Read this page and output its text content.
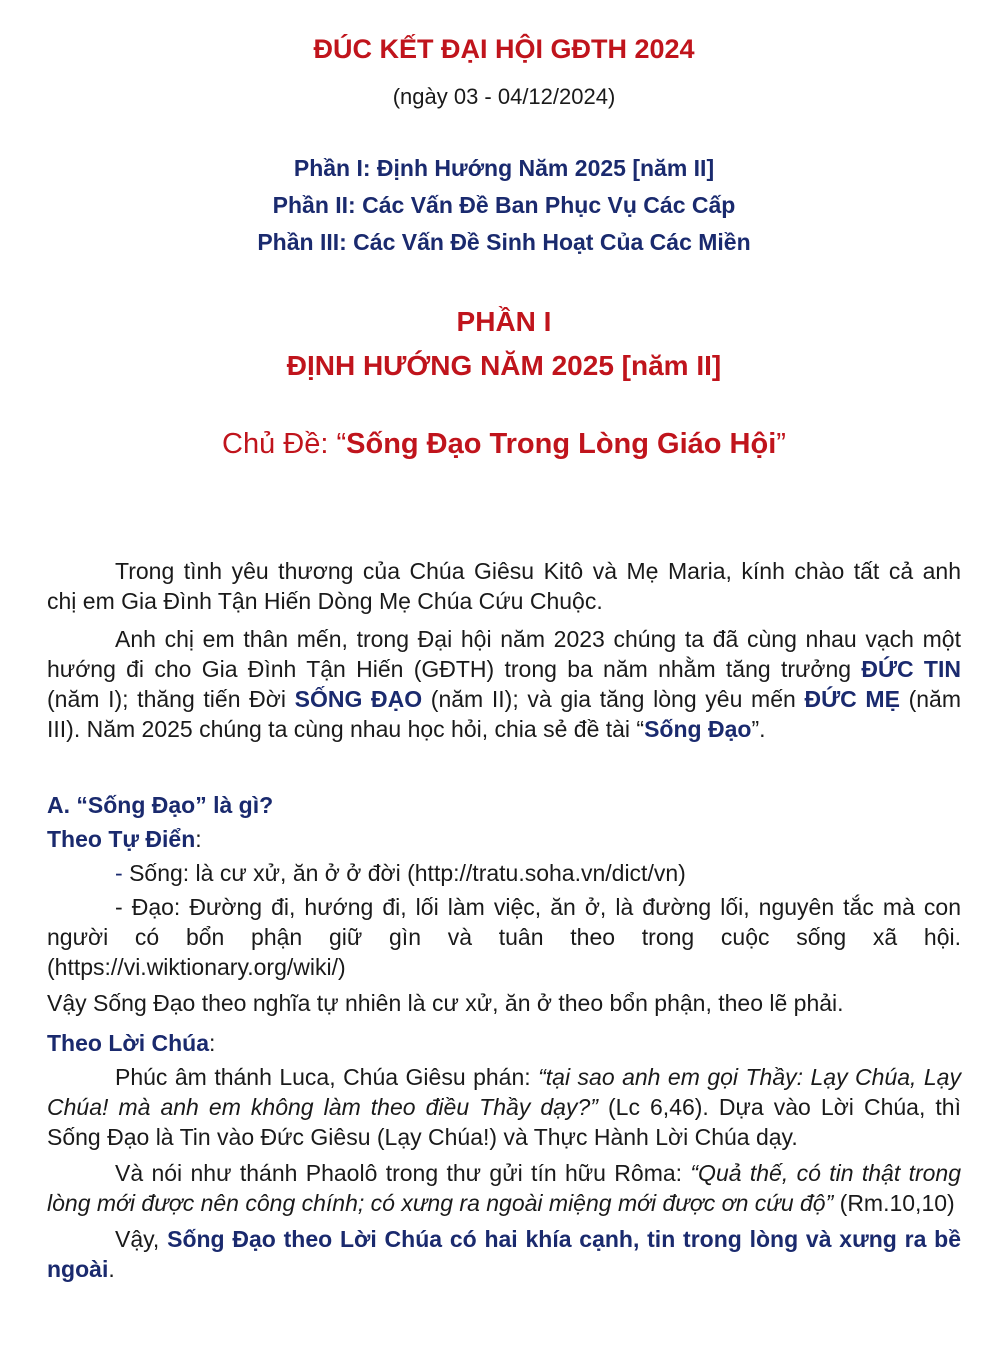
ĐÚC KẾT ĐẠI HỘI GĐTH 2024
(ngày 03 - 04/12/2024)
Phần I: Định Hướng Năm 2025 [năm II]
Phần II: Các Vấn Đề Ban Phục Vụ Các Cấp
Phần III: Các Vấn Đề Sinh Hoạt Của Các Miền
PHẦN I
ĐỊNH HƯỚNG NĂM 2025 [năm II]
Chủ Đề: “Sống Đạo Trong Lòng Giáo Hội”
Trong tình yêu thương của Chúa Giêsu Kitô và Mẹ Maria, kính chào tất cả anh
chị em Gia Đình Tận Hiến Dòng Mẹ Chúa Cứu Chuộc.

Anh chị em thân mến, trong Đại hội năm 2023 chúng ta đã cùng nhau vạch một hướng đi cho Gia Đình Tận Hiến (GĐTH) trong ba năm nhằm tăng trưởng ĐỨC TIN (năm I); thăng tiến Đời SỐNG ĐẠO (năm II); và gia tăng lòng yêu mến ĐỨC MẸ (năm III). Năm 2025 chúng ta cùng nhau học hỏi, chia sẻ đề tài “Sống Đạo”.

A. “Sống Đạo” là gì?
Theo Tự Điển:
- Sống: là cư xử, ăn ở ở đời (http://tratu.soha.vn/dict/vn)
- Đạo: Đường đi, hướng đi, lối làm việc, ăn ở, là đường lối, nguyên tắc mà con
người có bổn phận giữ gìn và tuân theo trong cuộc sống xã hội.
(https://vi.wiktionary.org/wiki/)
Vậy Sống Đạo theo nghĩa tự nhiên là cư xử, ăn ở theo bổn phận, theo lẽ phải.
Theo Lời Chúa:

Phúc âm thánh Luca, Chúa Giêsu phán: “tại sao anh em gọi Thầy: Lạy Chúa, Lạy Chúa! mà anh em không làm theo điều Thầy dạy?” (Lc 6,46). Dựa vào Lời Chúa, thì Sống Đạo là Tin vào Đức Giêsu (Lạy Chúa!) và Thực Hành Lời Chúa dạy.

Và nói như thánh Phaolô trong thư gửi tín hữu Rôma: “Quả thế, có tin thật trong lòng mới được nên công chính; có xưng ra ngoài miệng mới được ơn cứu độ” (Rm.10,10)

Vậy, Sống Đạo theo Lời Chúa có hai khía cạnh, tin trong lòng và xưng ra bề ngoài.
